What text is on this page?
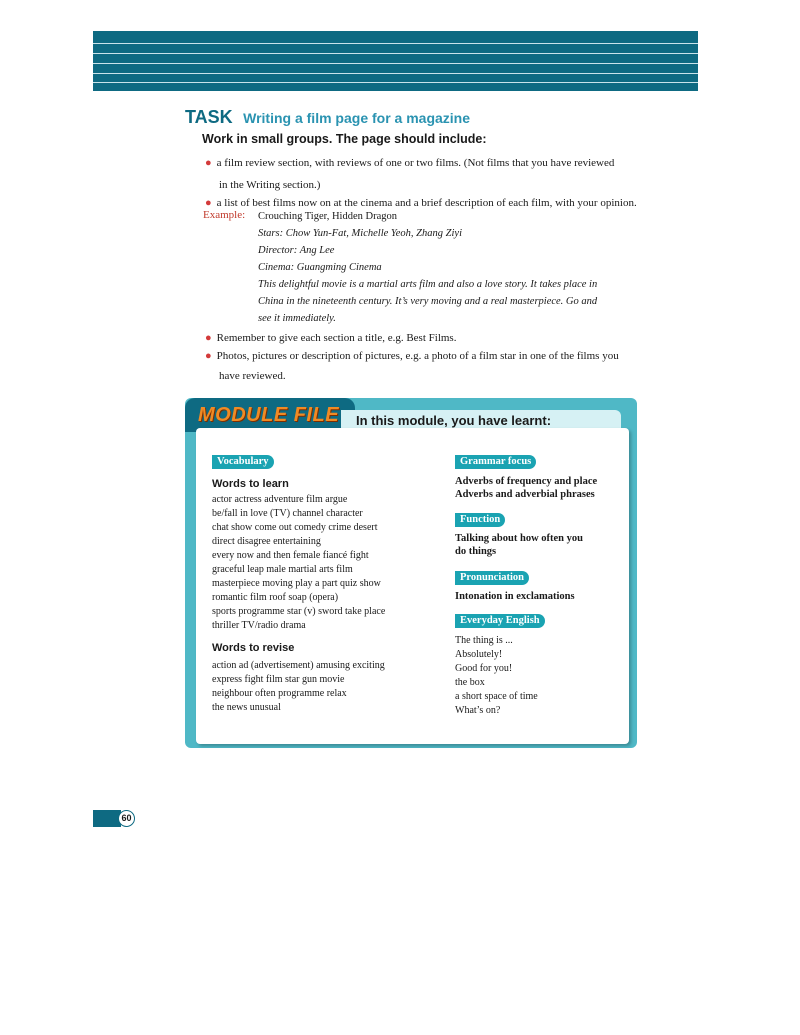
TASK Writing a film page for a magazine
Work in small groups. The page should include:
● a film review section, with reviews of one or two films. (Not films that you have reviewed
in the Writing section.)
● a list of best films now on at the cinema and a brief description of each film, with your opinion.
Example: Crouching Tiger, Hidden Dragon
Stars: Chow Yun-Fat, Michelle Yeoh, Zhang Ziyi
Director: Ang Lee
Cinema: Guangming Cinema
This delightful movie is a martial arts film and also a love story. It takes place in
China in the nineteenth century. It’s very moving and a real masterpiece. Go and
see it immediately.
● Remember to give each section a title, e.g. Best Films.
● Photos, pictures or description of pictures, e.g. a photo of a film star in one of the films you
have reviewed.
MODULE FILE In this module, you have learnt:
Vocabulary
Words to learn
actor actress adventure film argue
be/fall in love (TV) channel character
chat show come out comedy crime desert
direct disagree entertaining
every now and then female fiancé fight
graceful leap male martial arts film
masterpiece moving play a part quiz show
romantic film roof soap (opera)
sports programme star (v) sword take place
thriller TV/radio drama
Words to revise
action ad (advertisement) amusing exciting
express fight film star gun movie
neighbour often programme relax
the news unusual
Grammar focus
Adverbs of frequency and place
Adverbs and adverbial phrases
Function
Talking about how often you
do things
Pronunciation
Intonation in exclamations
Everyday English
The thing is ...
Absolutely!
Good for you!
the box
a short space of time
What’s on?
60
